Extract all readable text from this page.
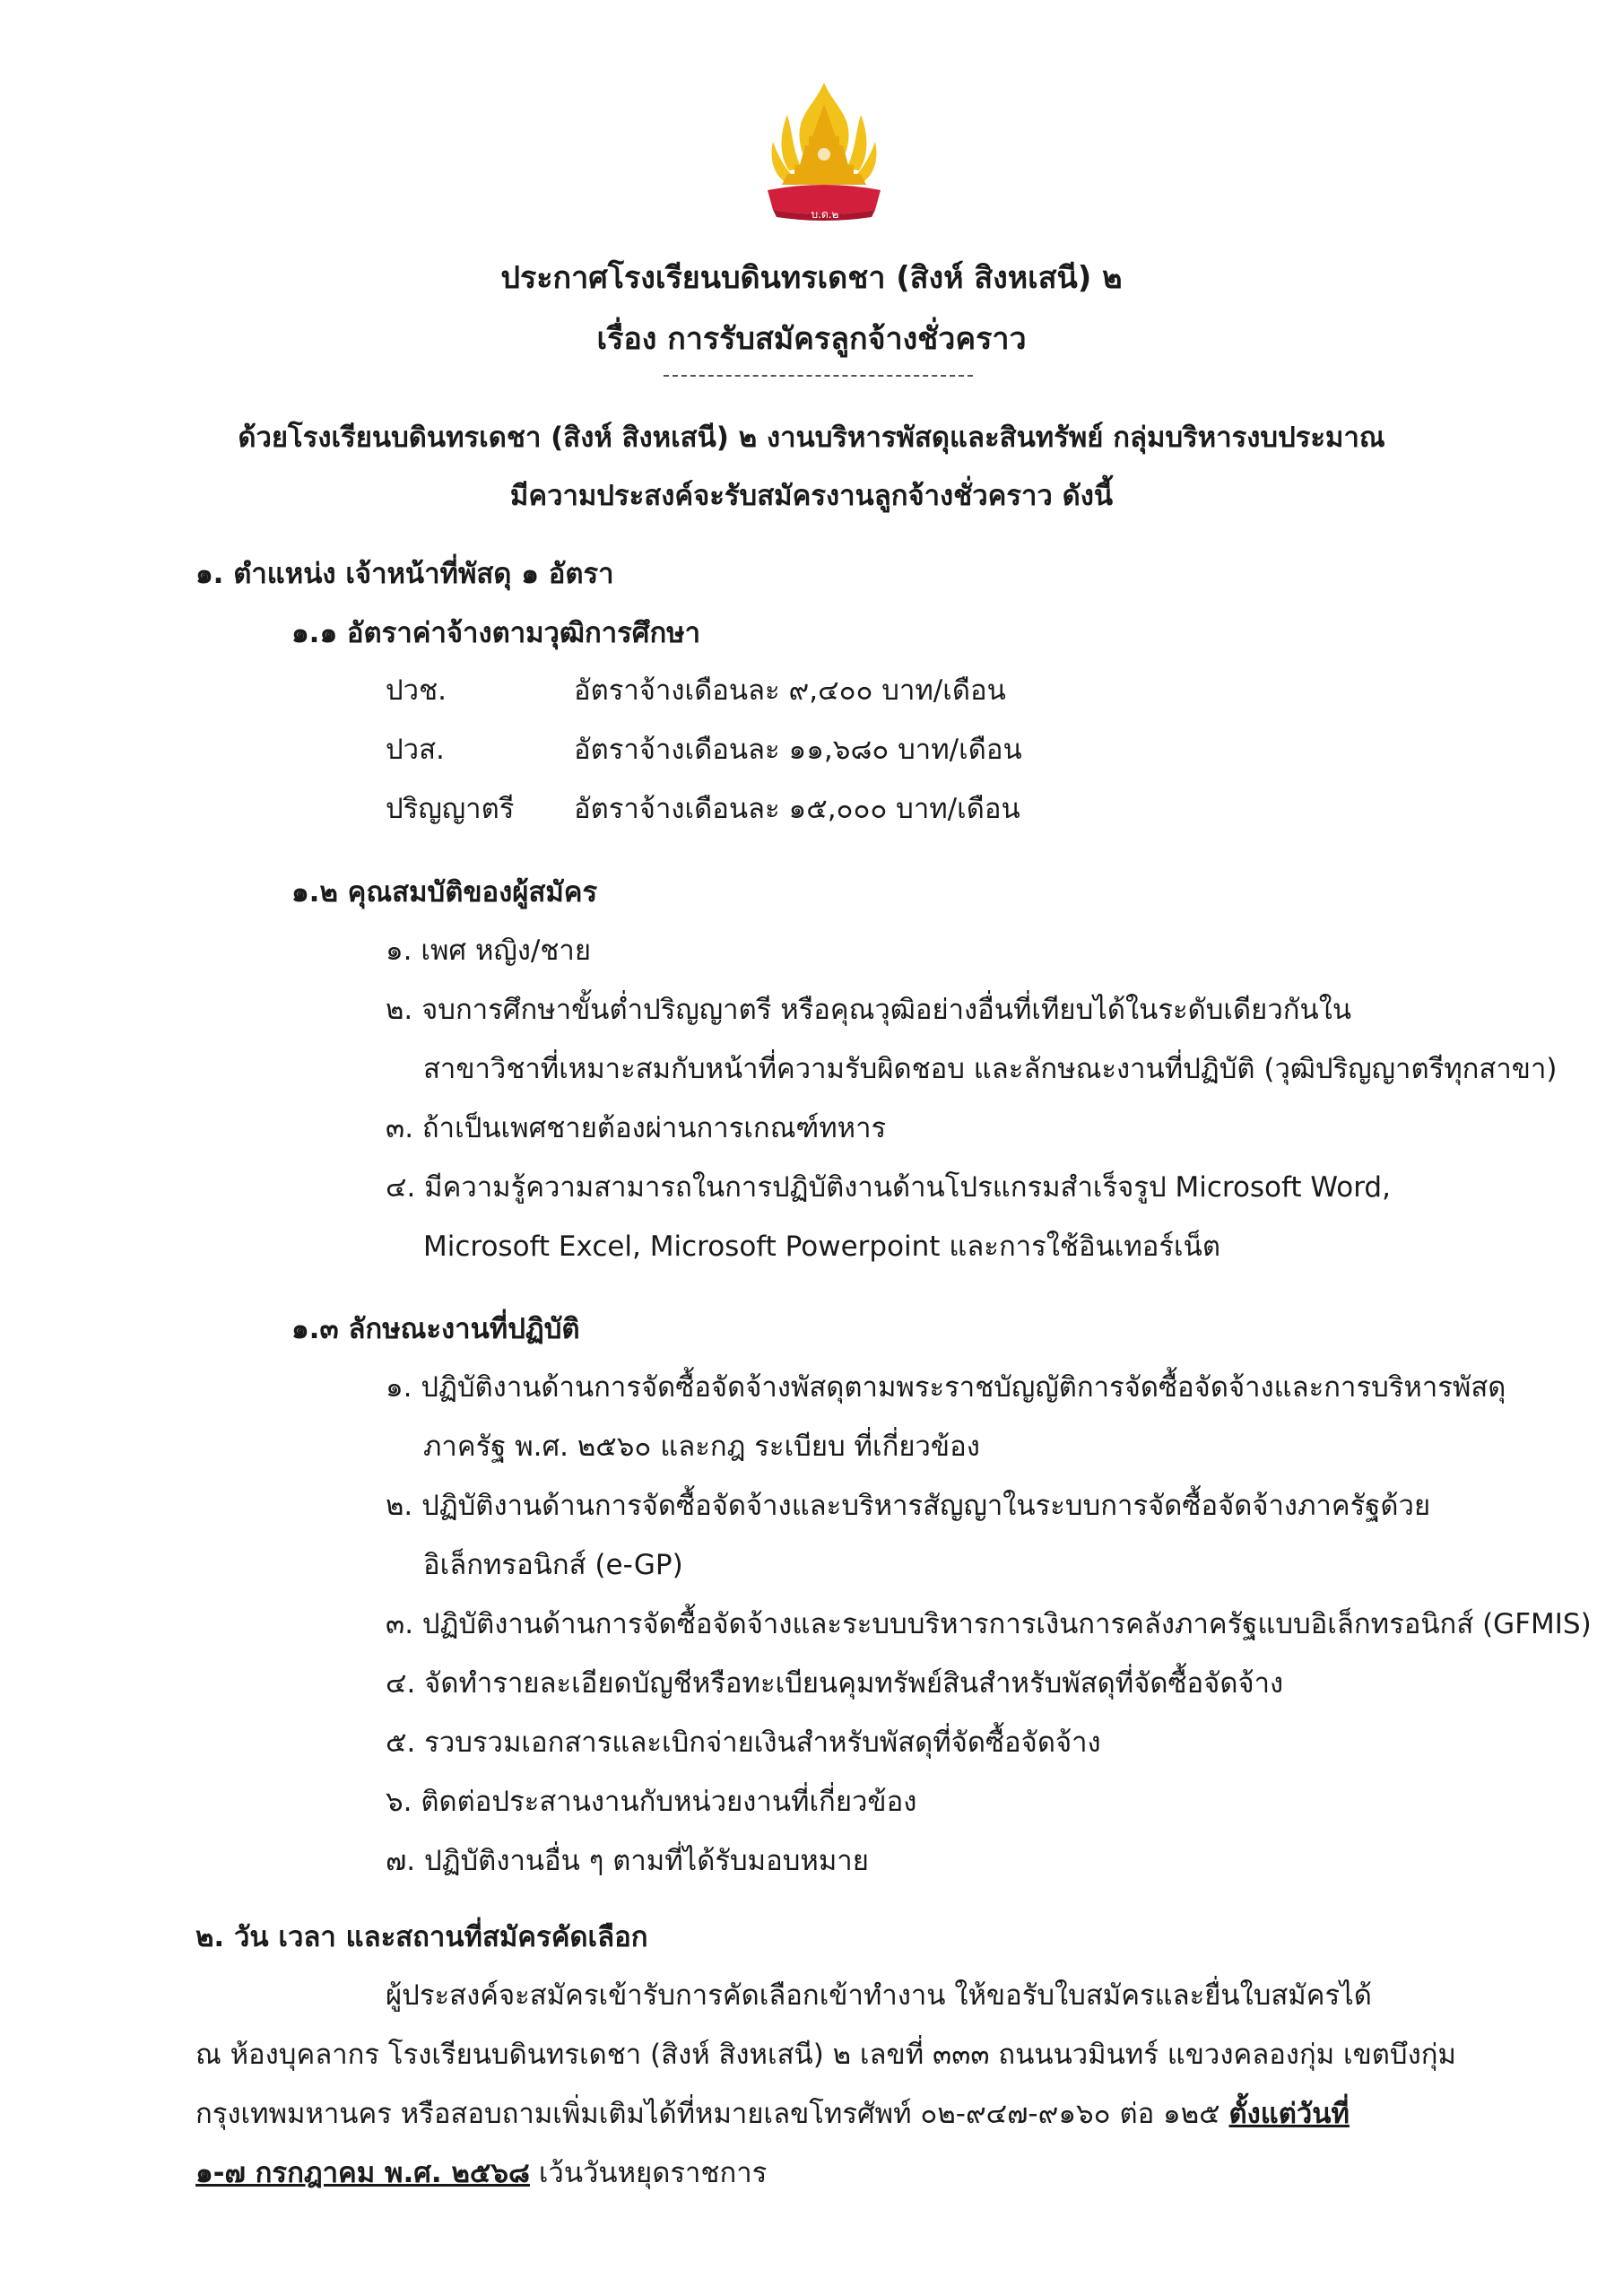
บ.ด.๒
ประกาศโรงเรียนบดินทรเดชา (สิงห์ สิงหเสนี) ๒
เรื่อง การรับสมัครลูกจ้างชั่วคราว
ด้วยโรงเรียนบดินทรเดชา (สิงห์ สิงหเสนี) ๒ งานบริหารพัสดุและสินทรัพย์ กลุ่มบริหารงบประมาณ
มีความประสงค์จะรับสมัครงานลูกจ้างชั่วคราว ดังนี้
๑. ตำแหน่ง เจ้าหน้าที่พัสดุ ๑ อัตรา
๑.๑ อัตราค่าจ้างตามวุฒิการศึกษา
ปวช.	อัตราจ้างเดือนละ ๙,๔๐๐ บาท/เดือน
ปวส.	อัตราจ้างเดือนละ ๑๑,๖๘๐ บาท/เดือน
ปริญญาตรี อัตราจ้างเดือนละ ๑๕,๐๐๐ บาท/เดือน
๑.๒ คุณสมบัติของผู้สมัคร
๑. เพศ หญิง/ชาย
๒. จบการศึกษาขั้นต่ำปริญญาตรี หรือคุณวุฒิอย่างอื่นที่เทียบได้ในระดับเดียวกันใน
สาขาวิชาที่เหมาะสมกับหน้าที่ความรับผิดชอบ และลักษณะงานที่ปฏิบัติ (วุฒิปริญญาตรีทุกสาขา)
๓. ถ้าเป็นเพศชายต้องผ่านการเกณฑ์ทหาร
๔. มีความรู้ความสามารถในการปฏิบัติงานด้านโปรแกรมสำเร็จรูป Microsoft Word,
Microsoft Excel, Microsoft Powerpoint และการใช้อินเทอร์เน็ต
๑.๓ ลักษณะงานที่ปฏิบัติ
๑. ปฏิบัติงานด้านการจัดซื้อจัดจ้างพัสดุตามพระราชบัญญัติการจัดซื้อจัดจ้างและการบริหารพัสดุ
ภาครัฐ พ.ศ. ๒๕๖๐ และกฎ ระเบียบ ที่เกี่ยวข้อง
๒. ปฏิบัติงานด้านการจัดซื้อจัดจ้างและบริหารสัญญาในระบบการจัดซื้อจัดจ้างภาครัฐด้วย
อิเล็กทรอนิกส์ (e-GP)
๓. ปฏิบัติงานด้านการจัดซื้อจัดจ้างและระบบบริหารการเงินการคลังภาครัฐแบบอิเล็กทรอนิกส์ (GFMIS)
๔. จัดทำรายละเอียดบัญชีหรือทะเบียนคุมทรัพย์สินสำหรับพัสดุที่จัดซื้อจัดจ้าง
๕. รวบรวมเอกสารและเบิกจ่ายเงินสำหรับพัสดุที่จัดซื้อจัดจ้าง
๖. ติดต่อประสานงานกับหน่วยงานที่เกี่ยวข้อง
๗. ปฏิบัติงานอื่น ๆ ตามที่ได้รับมอบหมาย
๒. วัน เวลา และสถานที่สมัครคัดเลือก
ผู้ประสงค์จะสมัครเข้ารับการคัดเลือกเข้าทำงาน ให้ขอรับใบสมัครและยื่นใบสมัครได้
ณ ห้องบุคลากร โรงเรียนบดินทรเดชา (สิงห์ สิงหเสนี) ๒ เลขที่ ๓๓๓ ถนนนวมินทร์ แขวงคลองกุ่ม เขตบึงกุ่ม
กรุงเทพมหานคร หรือสอบถามเพิ่มเติมได้ที่หมายเลขโทรศัพท์ ๐๒-๙๔๗-๙๑๖๐ ต่อ ๑๒๕ ตั้งแต่วันที่
๑-๗ กรกฎาคม พ.ศ. ๒๕๖๘ เว้นวันหยุดราชการ
